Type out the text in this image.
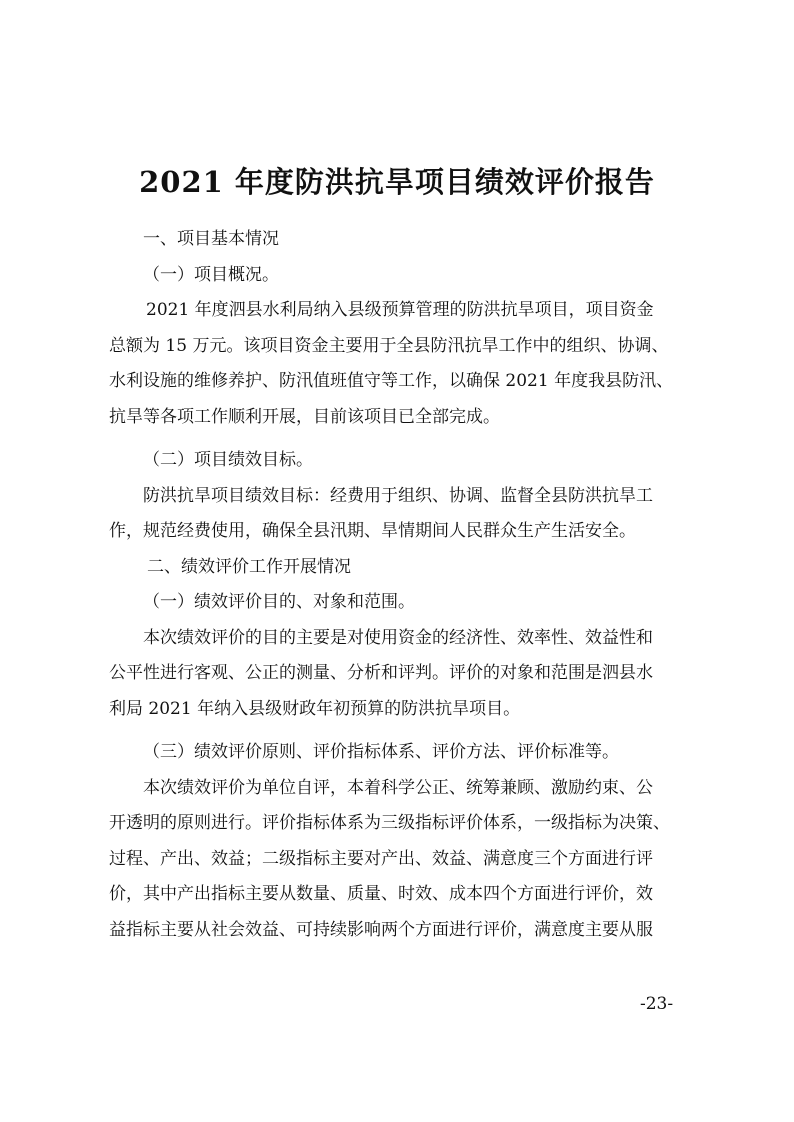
2021 年度防洪抗旱项目绩效评价报告
一、项目基本情况
（一）项目概况。
2021 年度泗县水利局纳入县级预算管理的防洪抗旱项目，项目资金
总额为 15 万元。该项目资金主要用于全县防汛抗旱工作中的组织、协调、
水利设施的维修养护、防汛值班值守等工作，以确保 2021 年度我县防汛、
抗旱等各项工作顺利开展，目前该项目已全部完成。
（二）项目绩效目标。
防洪抗旱项目绩效目标：经费用于组织、协调、监督全县防洪抗旱工
作，规范经费使用，确保全县汛期、旱情期间人民群众生产生活安全。
二、绩效评价工作开展情况
（一）绩效评价目的、对象和范围。
本次绩效评价的目的主要是对使用资金的经济性、效率性、效益性和
公平性进行客观、公正的测量、分析和评判。评价的对象和范围是泗县水
利局 2021 年纳入县级财政年初预算的防洪抗旱项目。
（三）绩效评价原则、评价指标体系、评价方法、评价标准等。
本次绩效评价为单位自评，本着科学公正、统筹兼顾、激励约束、公
开透明的原则进行。评价指标体系为三级指标评价体系，一级指标为决策、
过程、产出、效益；二级指标主要对产出、效益、满意度三个方面进行评
价，其中产出指标主要从数量、质量、时效、成本四个方面进行评价，效
益指标主要从社会效益、可持续影响两个方面进行评价，满意度主要从服
-23-
